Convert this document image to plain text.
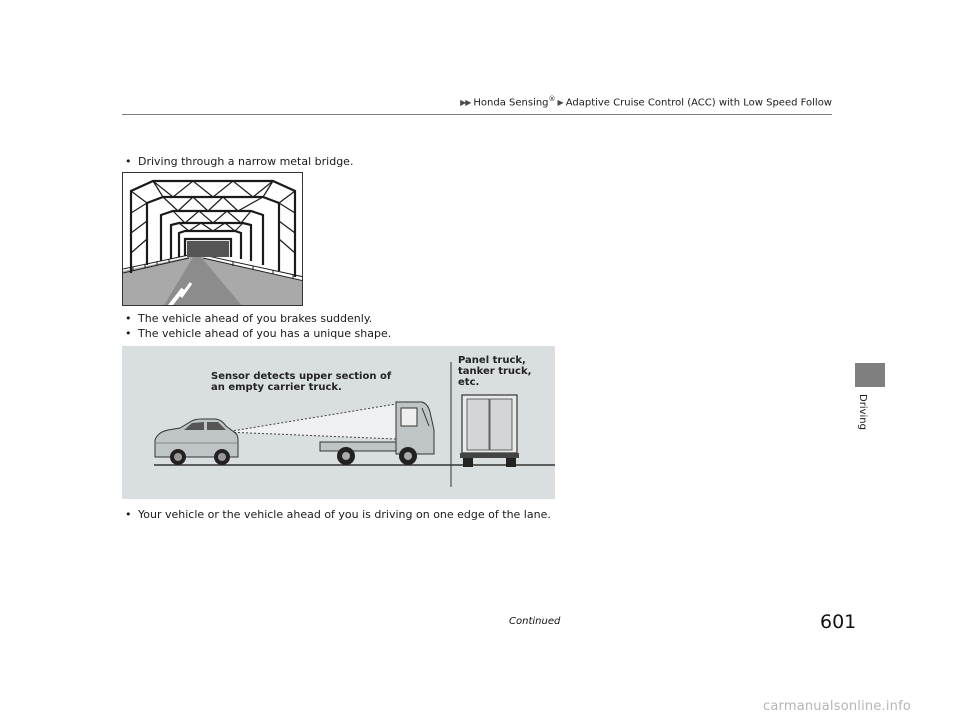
▶▶ Honda Sensing® ▶ Adaptive Cruise Control (ACC) with Low Speed Follow
Driving
• Driving through a narrow metal bridge.
• The vehicle ahead of you brakes suddenly.
• The vehicle ahead of you has a unique shape.
Sensor detects upper section of
an empty carrier truck.
Panel truck,
tanker truck,
etc.
• Your vehicle or the vehicle ahead of you is driving on one edge of the lane.
Continued	601
carmanualsonline.info
